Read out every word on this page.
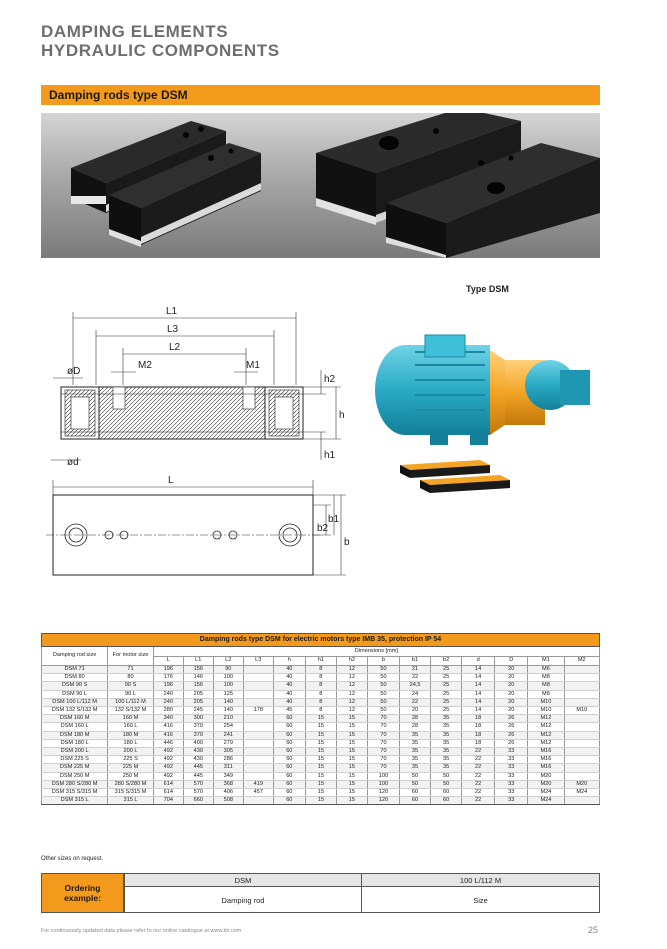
DAMPING ELEMENTS
HYDRAULIC COMPONENTS
Damping rods type DSM
Type DSM
L1
L3
L2
M2	M1
øD
ød
h2
h
h1
L
b1
b2
b
Damping rods type DSM for electric motors type IMB 35, protection IP 54															
Damping rod size	For motor size	Dimensions [mm]													
		L	L1	L2	L3	h	h1	h2	b	b1	b2	d	D	M1	M2
DSM 71	71	196	156	90		40	8	12	50	21	25	14	20	M6	
DSM 80	80	176	146	100		40	8	12	50	22	25	14	20	M8	
DSM 90 S	90 S	196	156	100		40	8	12	50	24,5	25	14	20	M8	
DSM 90 L	90 L	240	205	125		40	8	12	50	24	25	14	20	M8	
DSM 100 L/112 M	100 L/112 M	240	205	140		40	8	12	50	22	25	14	20	M10	
DSM 132 S/132 M	132 S/132 M	280	245	140	178	45	8	12	50	20	25	14	20	M10	M10
DSM 160 M	160 M	340	300	210		60	15	15	70	28	35	18	26	M12	
DSM 160 L	160 L	416	370	254		60	15	15	70	28	35	18	26	M12	
DSM 180 M	180 M	416	370	241		60	15	15	70	35	35	18	26	M12	
DSM 180 L	180 L	446	400	279		60	15	15	70	35	35	18	26	M12	
DSM 200 L	200 L	492	430	305		60	15	15	70	35	35	22	33	M16	
DSM 225 S	225 S	492	430	286		60	15	15	70	35	35	22	33	M16	
DSM 225 M	225 M	492	445	311		60	15	15	70	35	35	22	33	M16	
DSM 250 M	250 M	492	445	349		60	15	15	100	50	50	22	33	M20	
DSM 280 S/280 M	280 S/280 M	614	570	368	419	60	15	15	100	50	50	22	33	M20	M20
DSM 315 S/315 M	315 S/315 M	614	570	406	457	60	15	15	120	60	60	22	33	M24	M24
DSM 315 L	315 L	704	660	508		60	15	15	120	60	60	22	33	M24	
Other sizes on request.
Ordering example:
DSM	100 L/112 M
Damping rod	Size
For continuously updated data please refer to our online catalogue at www.ktr.com	25
